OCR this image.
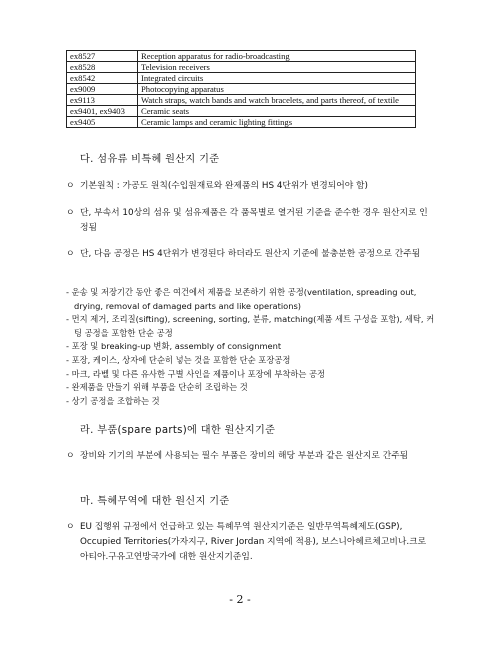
ex8527	Reception apparatus for radio-broadcasting
ex8528	Television receivers
ex8542	Integrated circuits
ex9009	Photocopying apparatus
ex9113	Watch straps, watch bands and watch bracelets, and parts thereof, of textile
ex9401, ex9403	Ceramic seats
ex9405	Ceramic lamps and ceramic lighting fittings
다. 섬유류 비특혜 원산지 기준
ㅇ 기본원칙 : 가공도 원칙(수입원재료와 완제품의 HS 4단위가 변경되어야 함)
ㅇ 단, 부속서 10상의 섬유 및 섬유제품은 각 품목별로 열거된 기준을 준수한 경우 원산지로 인정됨
ㅇ 단, 다음 공정은 HS 4단위가 변경된다 하더라도 원산지 기준에 불충분한 공정으로 간주됨
- 운송 및 저장기간 동안 좋은 여건에서 제품을 보존하기 위한 공정(ventilation, spreading out, drying, removal of damaged parts and like operations)
- 먼지 제거, 조리질(sifting), screening, sorting, 분류, matching(제품 세트 구성을 포함), 세탁, 커팅 공정을 포함한 단순 공정
- 포장 및 breaking-up 변화, assembly of consignment
- 포장, 케이스, 상자에 단순히 넣는 것을 포함한 단순 포장공정
- 마크, 라벨 및 다른 유사한 구별 사인을 제품이나 포장에 부착하는 공정
- 완제품을 만들기 위해 부품을 단순히 조립하는 것
- 상기 공정을 조합하는 것
라. 부품(spare parts)에 대한 원산지기준
ㅇ 장비와 기기의 부분에 사용되는 필수 부품은 장비의 해당 부분과 같은 원산지로 간주됨
마. 특혜무역에 대한 원신지 기준
ㅇ EU 집행위 규정에서 언급하고 있는 특혜무역 원산지기준은 일반무역특혜제도(GSP), Occupied Territories(가자지구, River Jordan 지역에 적용), 보스니아헤르체고비나.크로아티아.구유고연방국가에 대한 원산지기준임.
- 2 -
